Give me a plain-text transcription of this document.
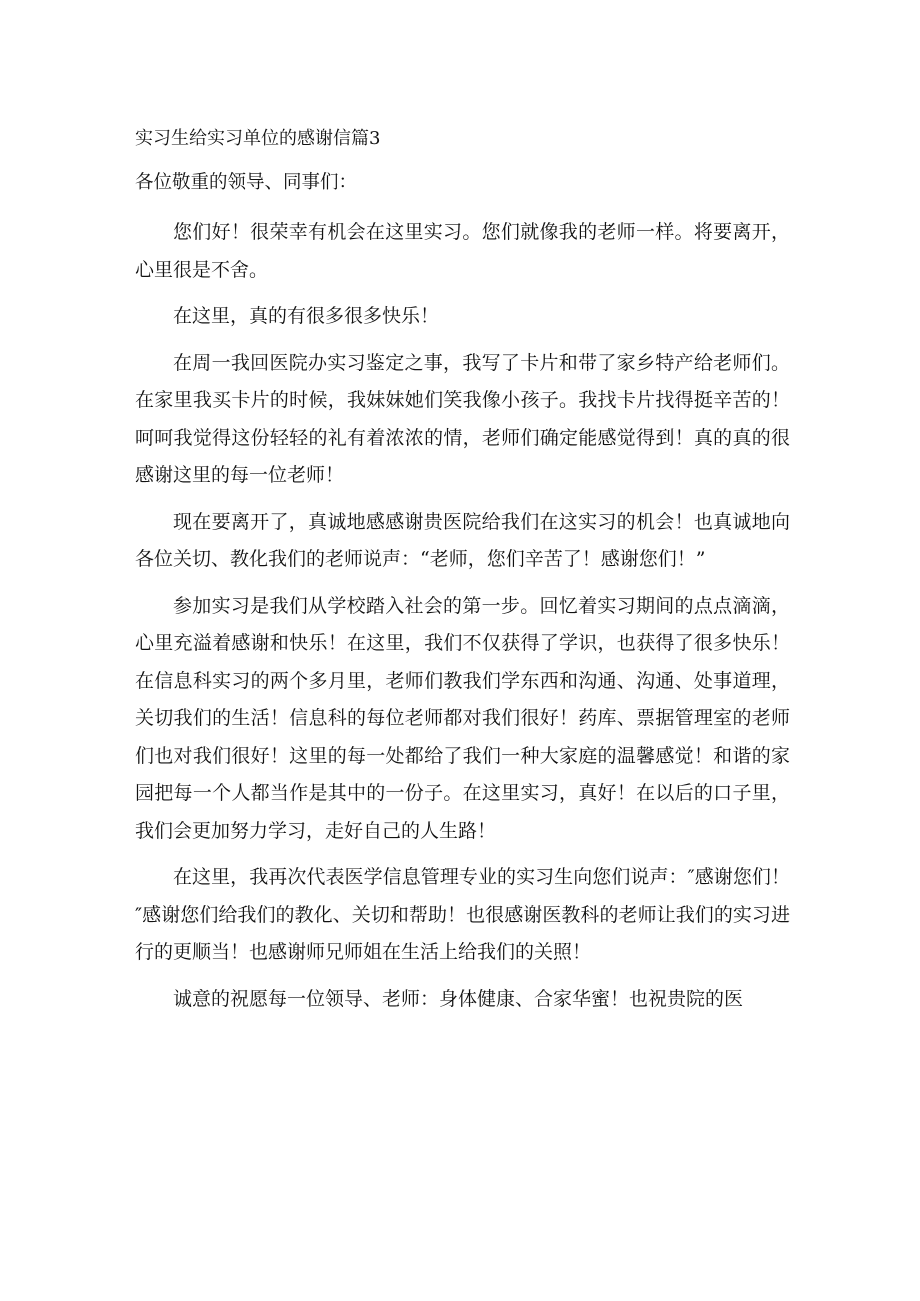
实习生给实习单位的感谢信篇3

各位敬重的领导、同事们：

您们好！很荣幸有机会在这里实习。您们就像我的老师一样。将要离开，心里很是不舍。

在这里，真的有很多很多快乐！

在周一我回医院办实习鉴定之事，我写了卡片和带了家乡特产给老师们。在家里我买卡片的时候，我妹妹她们笑我像小孩子。我找卡片找得挺辛苦的！呵呵我觉得这份轻轻的礼有着浓浓的情，老师们确定能感觉得到！真的真的很感谢这里的每一位老师！

现在要离开了，真诚地感感谢贵医院给我们在这实习的机会！也真诚地向各位关切、教化我们的老师说声：“老师，您们辛苦了！感谢您们！”

参加实习是我们从学校踏入社会的第一步。回忆着实习期间的点点滴滴，心里充溢着感谢和快乐！在这里，我们不仅获得了学识，也获得了很多快乐！在信息科实习的两个多月里，老师们教我们学东西和沟通、沟通、处事道理，关切我们的生活！信息科的每位老师都对我们很好！药库、票据管理室的老师们也对我们很好！这里的每一处都给了我们一种大家庭的温馨感觉！和谐的家园把每一个人都当作是其中的一份子。在这里实习，真好！在以后的口子里，我们会更加努力学习，走好自己的人生路！

在这里，我再次代表医学信息管理专业的实习生向您们说声：″感谢您们！″感谢您们给我们的教化、关切和帮助！也很感谢医教科的老师让我们的实习进行的更顺当！也感谢师兄师姐在生活上给我们的关照！

诚意的祝愿每一位领导、老师：身体健康、合家华蜜！也祝贵院的医
